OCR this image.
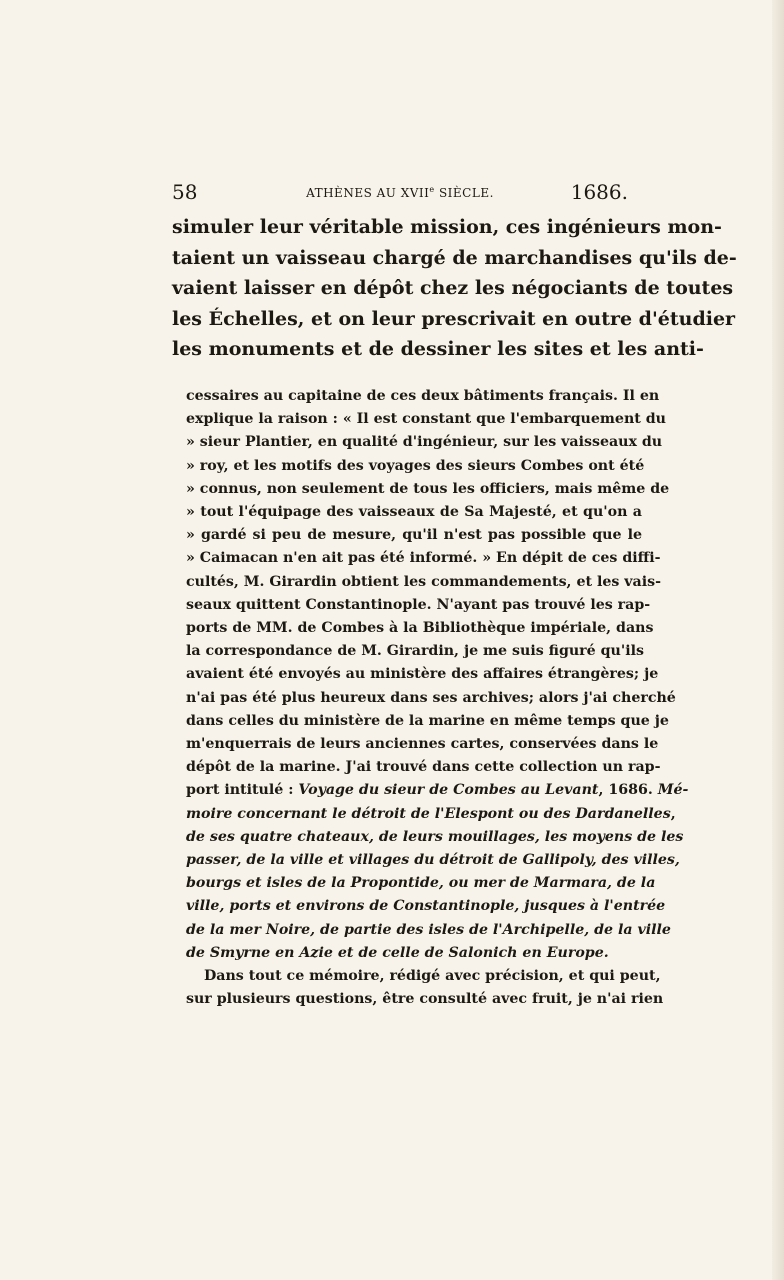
58	ATHÈNES AU XVIIe SIÈCLE.	1686.
simuler leur véritable mission, ces ingénieurs mon-
taient un vaisseau chargé de marchandises qu'ils de-
vaient laisser en dépôt chez les négociants de toutes
les Échelles, et on leur prescrivait en outre d'étudier
les monuments et de dessiner les sites et les anti-
cessaires au capitaine de ces deux bâtiments français. Il en
explique la raison : « Il est constant que l'embarquement du
» sieur Plantier, en qualité d'ingénieur, sur les vaisseaux du
» roy, et les motifs des voyages des sieurs Combes ont été
» connus, non seulement de tous les officiers, mais même de
» tout l'équipage des vaisseaux de Sa Majesté, et qu'on a
» gardé si peu de mesure, qu'il n'est pas possible que le
» Caimacan n'en ait pas été informé. » En dépit de ces diffi-
cultés, M. Girardin obtient les commandements, et les vais-
seaux quittent Constantinople. N'ayant pas trouvé les rap-
ports de MM. de Combes à la Bibliothèque impériale, dans
la correspondance de M. Girardin, je me suis figuré qu'ils
avaient été envoyés au ministère des affaires étrangères; je
n'ai pas été plus heureux dans ses archives; alors j'ai cherché
dans celles du ministère de la marine en même temps que je
m'enquerrais de leurs anciennes cartes, conservées dans le
dépôt de la marine. J'ai trouvé dans cette collection un rap-
port intitulé : Voyage du sieur de Combes au Levant, 1686. Mé-
moire concernant le détroit de l'Elespont ou des Dardanelles,
de ses quatre chateaux, de leurs mouillages, les moyens de les
passer, de la ville et villages du détroit de Gallipoly, des villes,
bourgs et isles de la Propontide, ou mer de Marmara, de la
ville, ports et environs de Constantinople, jusques à l'entrée
de la mer Noire, de partie des isles de l'Archipelle, de la ville
de Smyrne en Azie et de celle de Salonich en Europe.
Dans tout ce mémoire, rédigé avec précision, et qui peut,
sur plusieurs questions, être consulté avec fruit, je n'ai rien
